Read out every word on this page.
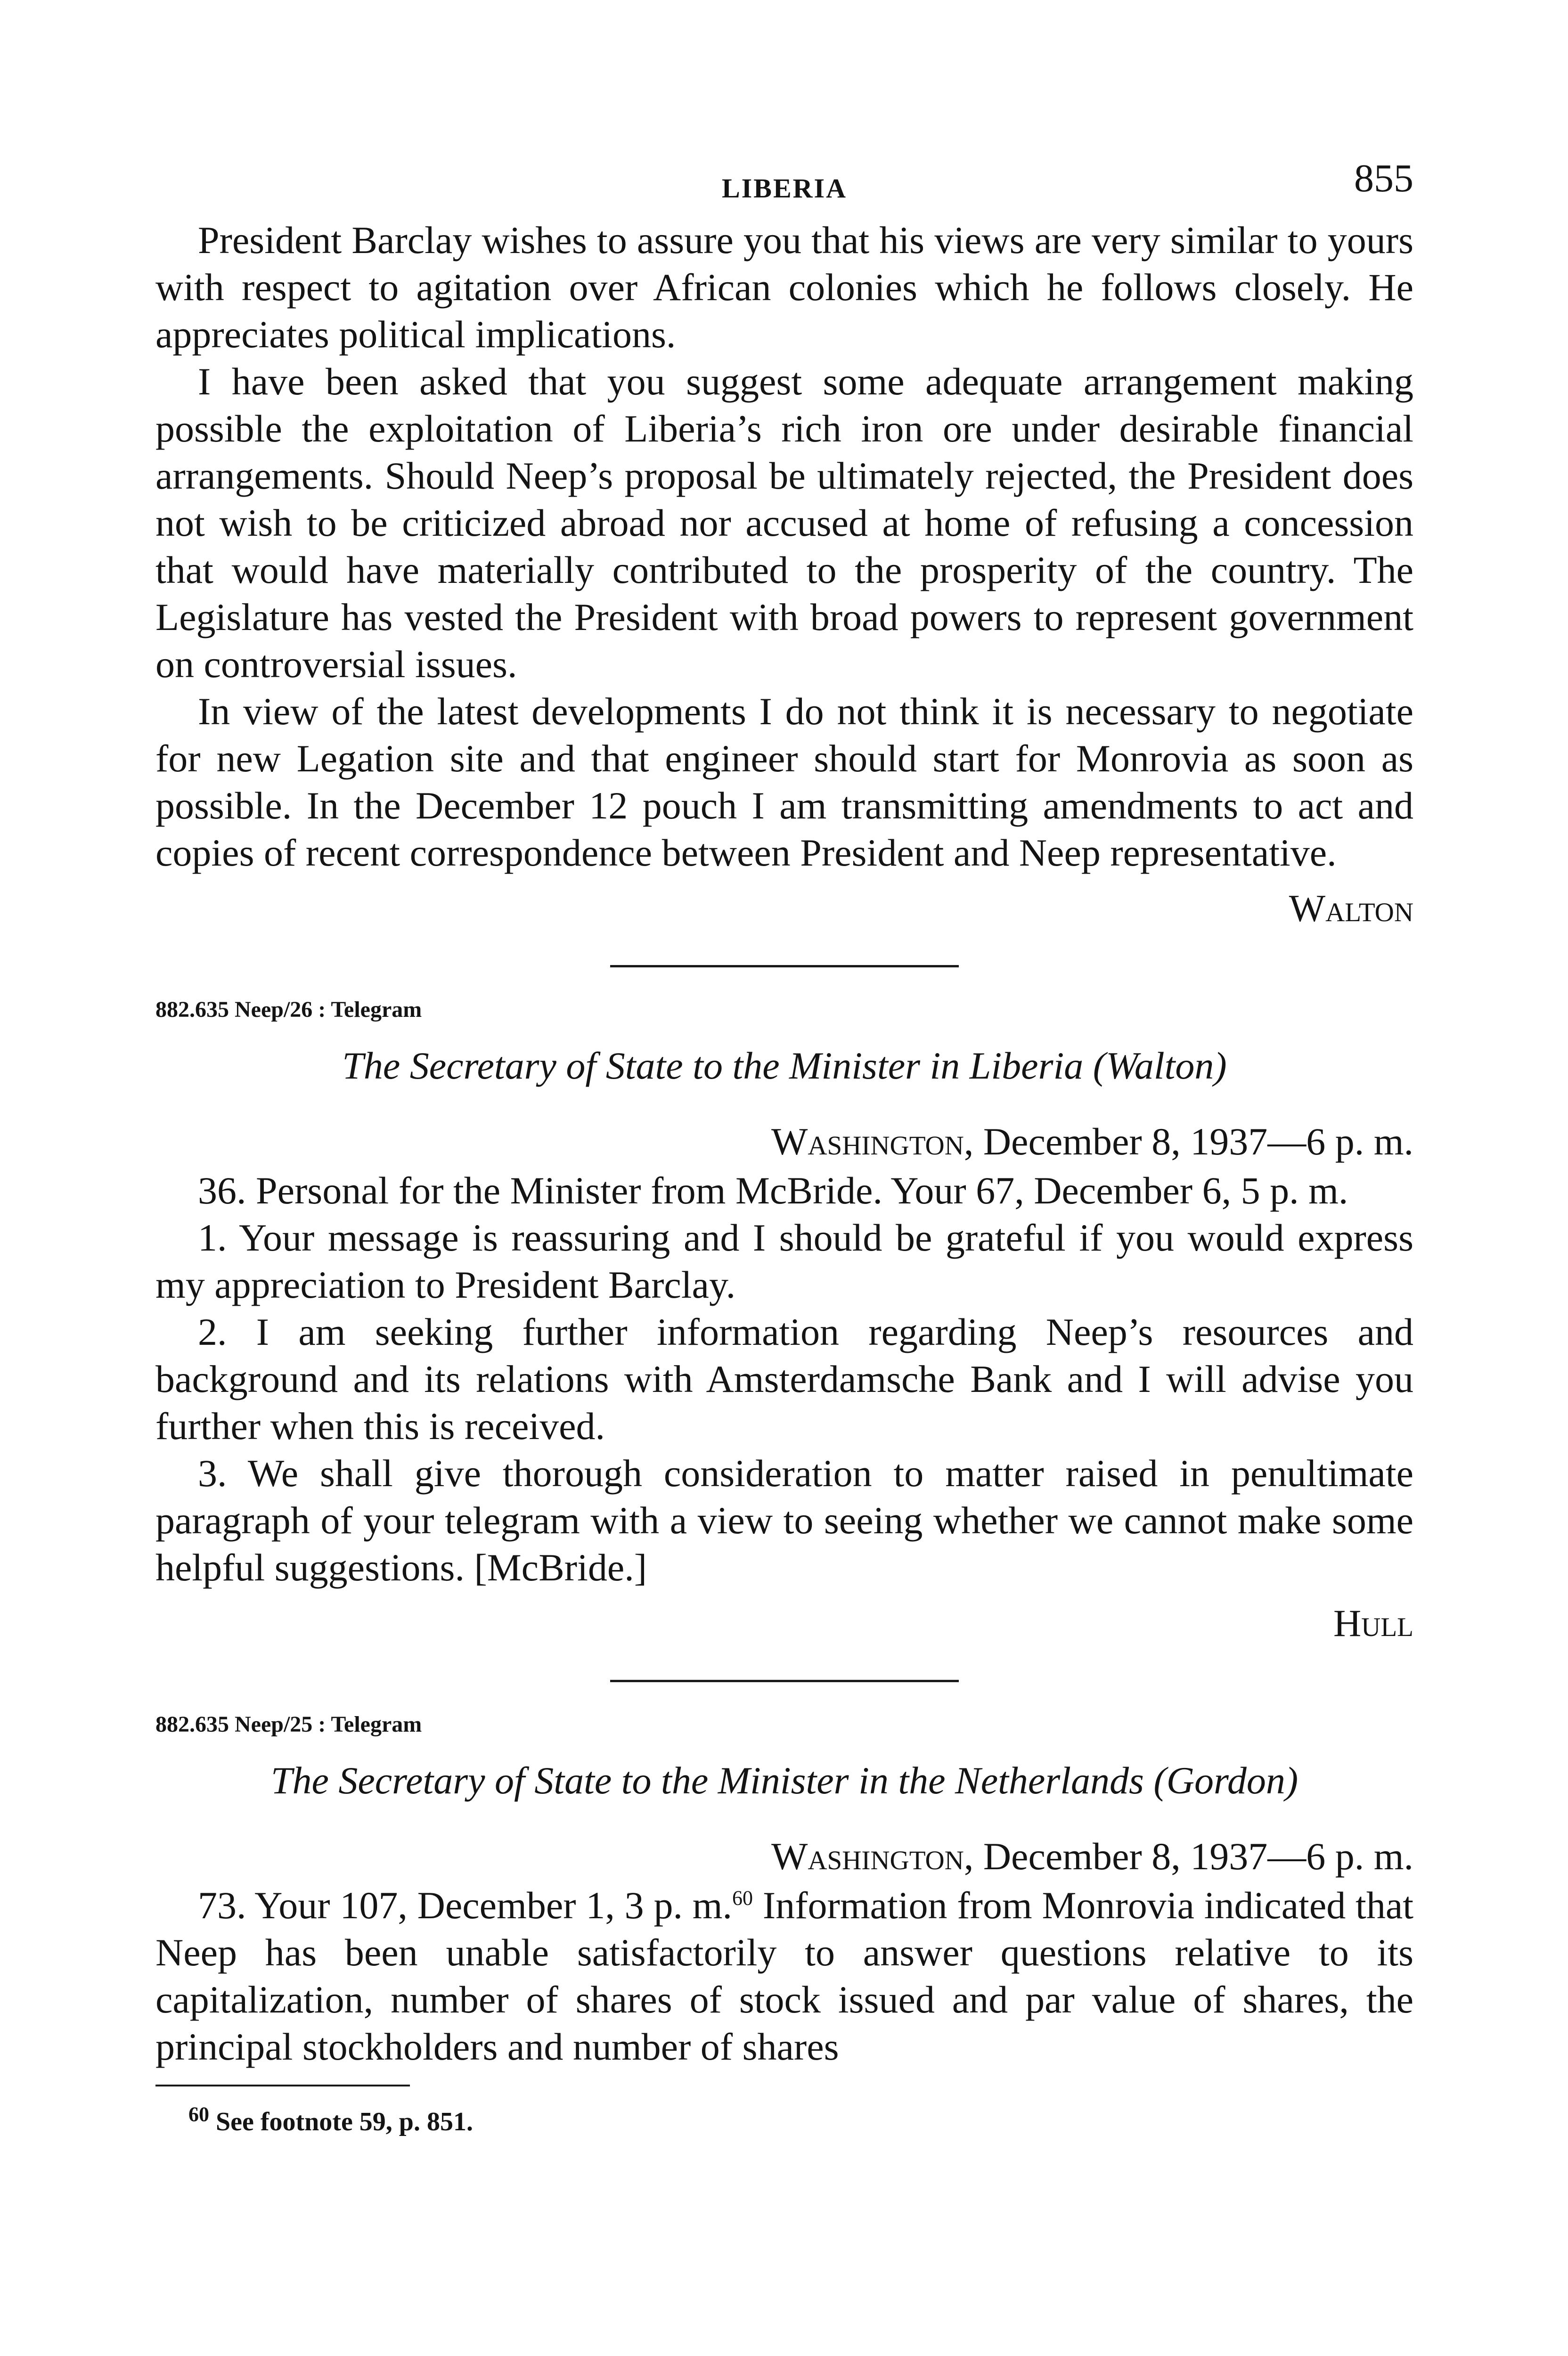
LIBERIA	855

President Barclay wishes to assure you that his views are very similar to yours with respect to agitation over African colonies which he follows closely. He appreciates political implications.

I have been asked that you suggest some adequate arrangement making possible the exploitation of Liberia’s rich iron ore under desirable financial arrangements. Should Neep’s proposal be ultimately rejected, the President does not wish to be criticized abroad nor accused at home of refusing a concession that would have materially contributed to the prosperity of the country. The Legislature has vested the President with broad powers to represent government on controversial issues.

In view of the latest developments I do not think it is necessary to negotiate for new Legation site and that engineer should start for Monrovia as soon as possible. In the December 12 pouch I am transmitting amendments to act and copies of recent correspondence between President and Neep representative.

Walton
882.635 Neep/26 : Telegram
The Secretary of State to the Minister in Liberia (Walton)
Washington, December 8, 1937—6 p. m.

36. Personal for the Minister from McBride. Your 67, December 6, 5 p. m.

1. Your message is reassuring and I should be grateful if you would express my appreciation to President Barclay.

2. I am seeking further information regarding Neep’s resources and background and its relations with Amsterdamsche Bank and I will advise you further when this is received.

3. We shall give thorough consideration to matter raised in penultimate paragraph of your telegram with a view to seeing whether we cannot make some helpful suggestions. [McBride.]

Hull
882.635 Neep/25 : Telegram
The Secretary of State to the Minister in the Netherlands (Gordon)
Washington, December 8, 1937—6 p. m.

73. Your 107, December 1, 3 p. m.$^{60}$ Information from Monrovia indicated that Neep has been unable satisfactorily to answer questions relative to its capitalization, number of shares of stock issued and par value of shares, the principal stockholders and number of shares

$^{60}$ See footnote 59, p. 851.
